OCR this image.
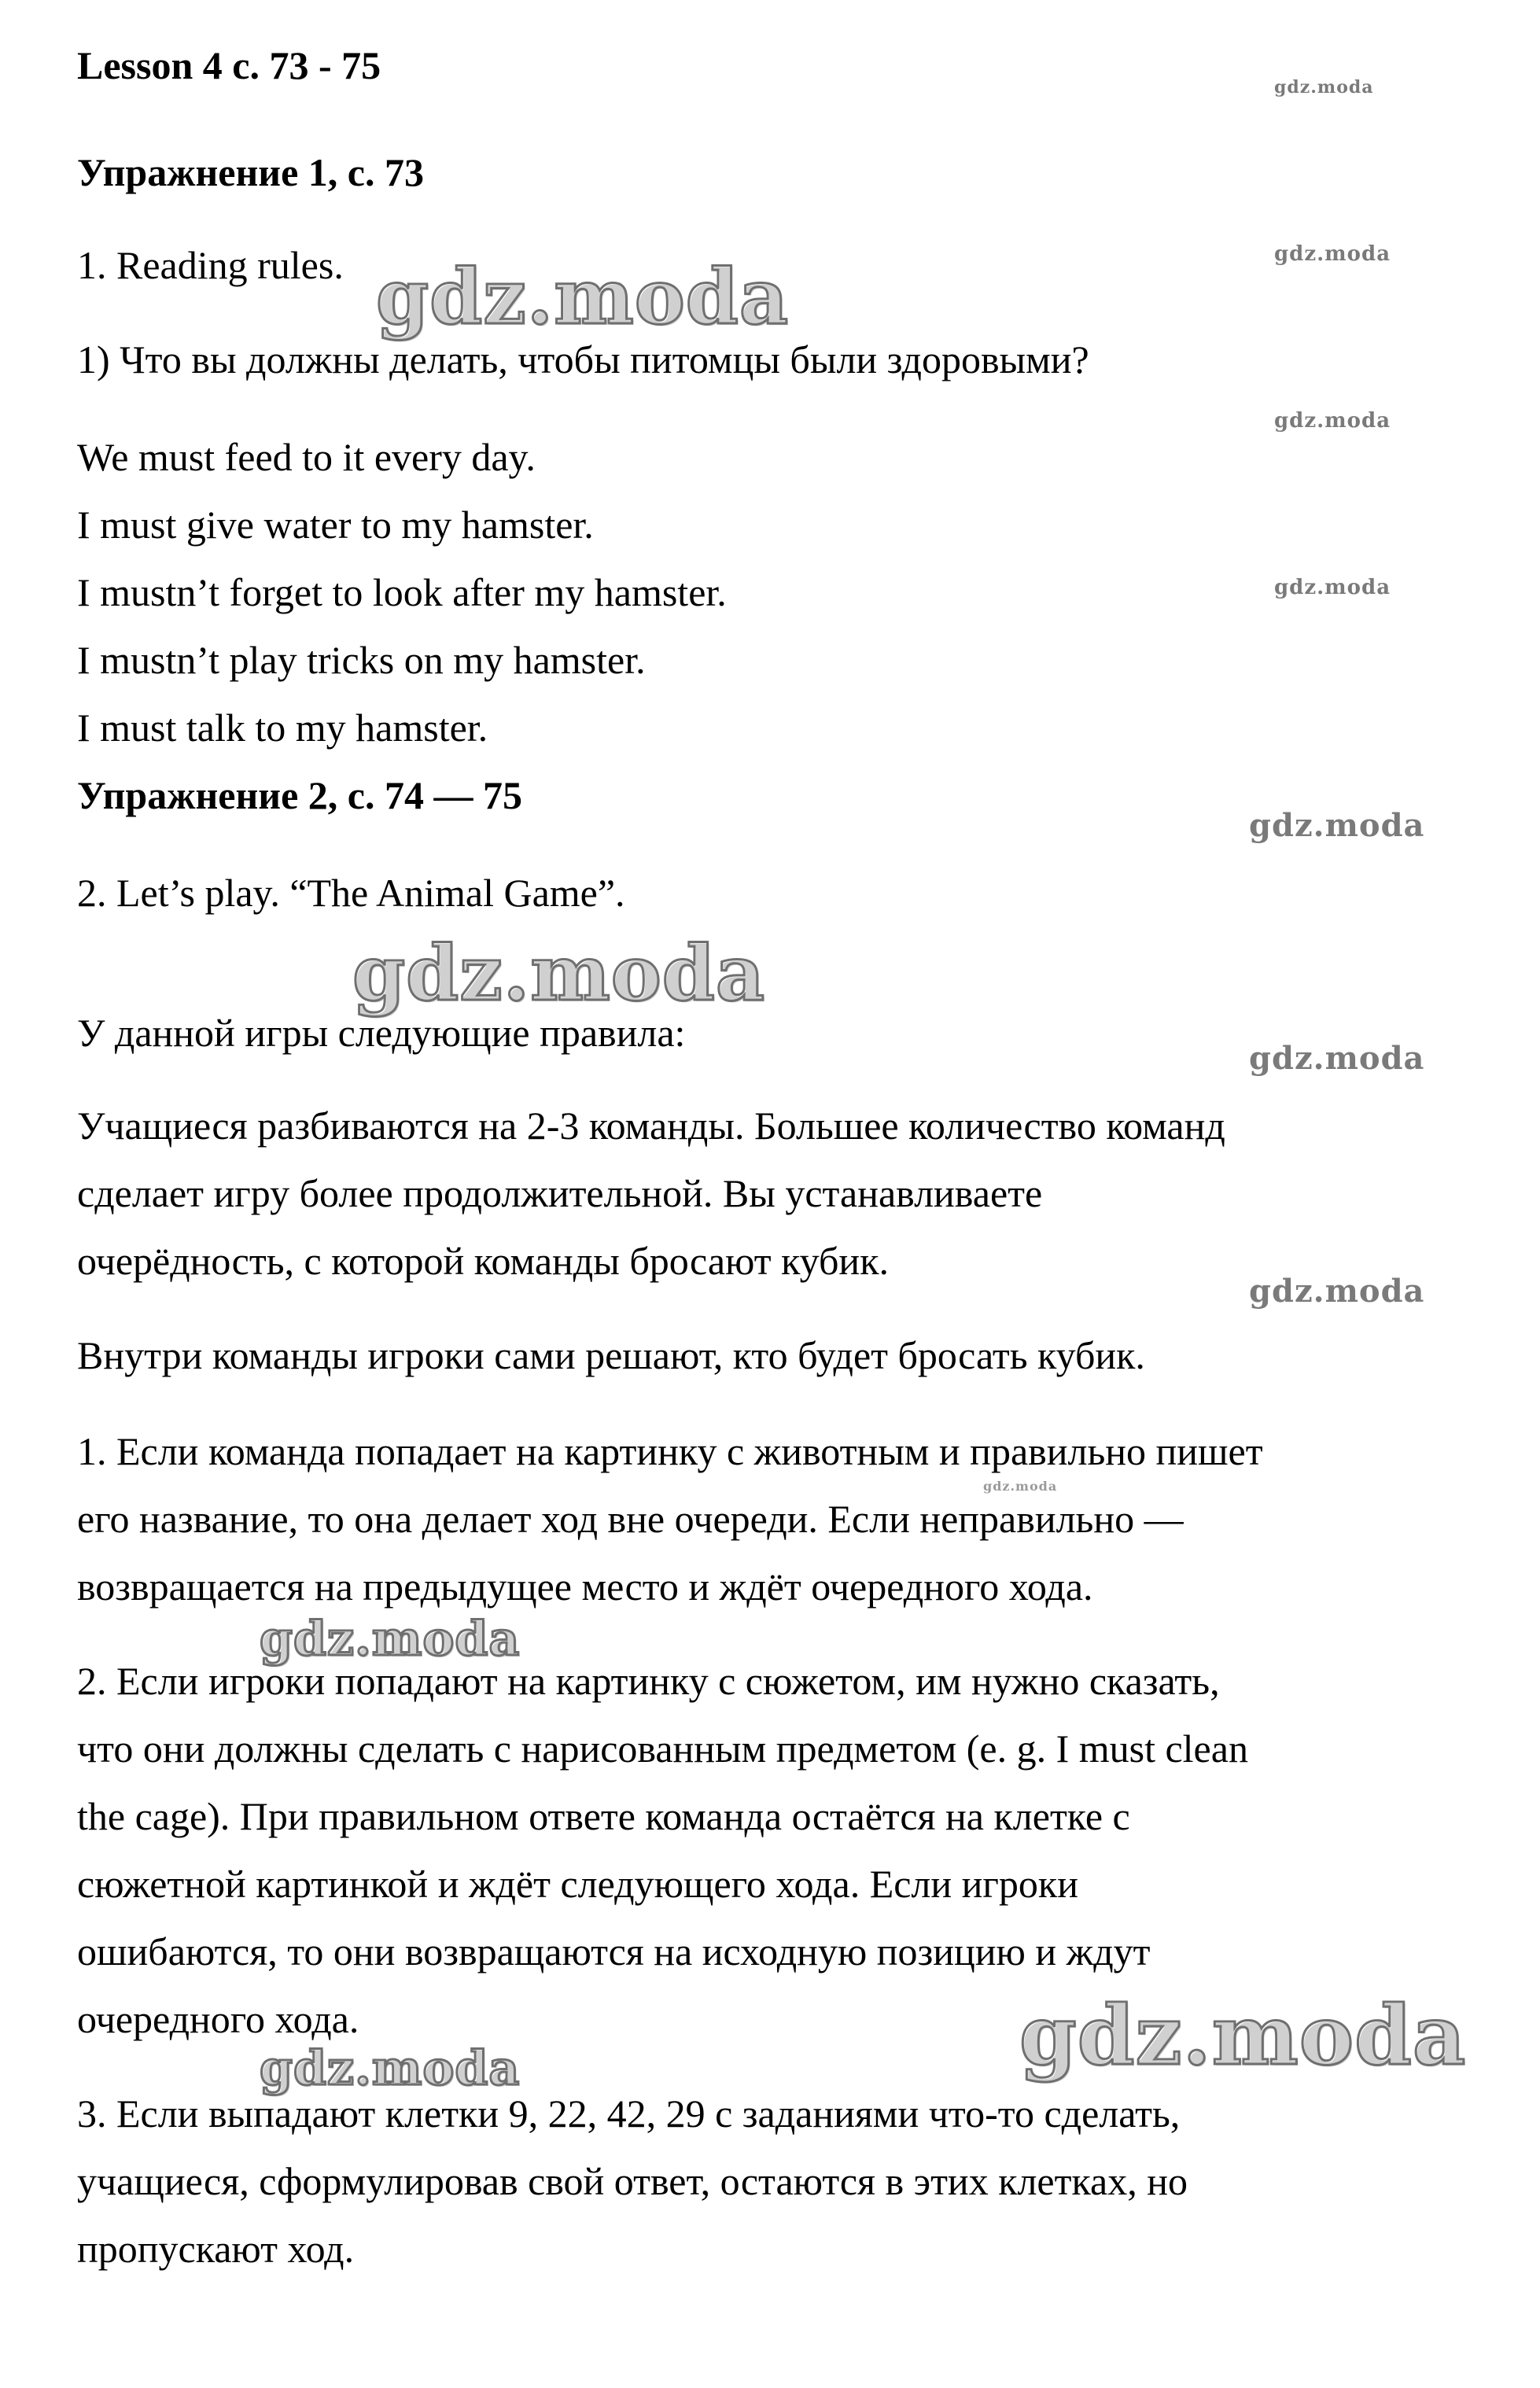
Lesson 4 с. 73 - 75
Упражнение 1, с. 73
1. Reading rules.
1) Что вы должны делать, чтобы питомцы были здоровыми?
We must feed to it every day.
I must give water to my hamster.
I mustn’t forget to look after my hamster.
I mustn’t play tricks on my hamster.
I must talk to my hamster.
Упражнение 2, с. 74 — 75
2. Let’s play. “The Animal Game”.
У данной игры следующие правила:
Учащиеся разбиваются на 2-3 команды. Большее количество команд
сделает игру более продолжительной. Вы устанавливаете
очерёдность, с которой команды бросают кубик.
Внутри команды игроки сами решают, кто будет бросать кубик.
1. Если команда попадает на картинку с животным и правильно пишет
его название, то она делает ход вне очереди. Если неправильно —
возвращается на предыдущее место и ждёт очередного хода.
2. Если игроки попадают на картинку с сюжетом, им нужно сказать,
что они должны сделать с нарисованным предметом (e. g. I must clean
the cage). При правильном ответе команда остаётся на клетке с
сюжетной картинкой и ждёт следующего хода. Если игроки
ошибаются, то они возвращаются на исходную позицию и ждут
очередного хода.
3. Если выпадают клетки 9, 22, 42, 29 с заданиями что-то сделать,
учащиеся, сформулировав свой ответ, остаются в этих клетках, но
пропускают ход.
gdz.moda
gdz.moda
gdz.moda
gdz.moda
gdz.moda
gdz.moda
gdz.moda
gdz.moda
gdz.moda
gdz.moda
gdz.moda
gdz.moda
gdz.moda
